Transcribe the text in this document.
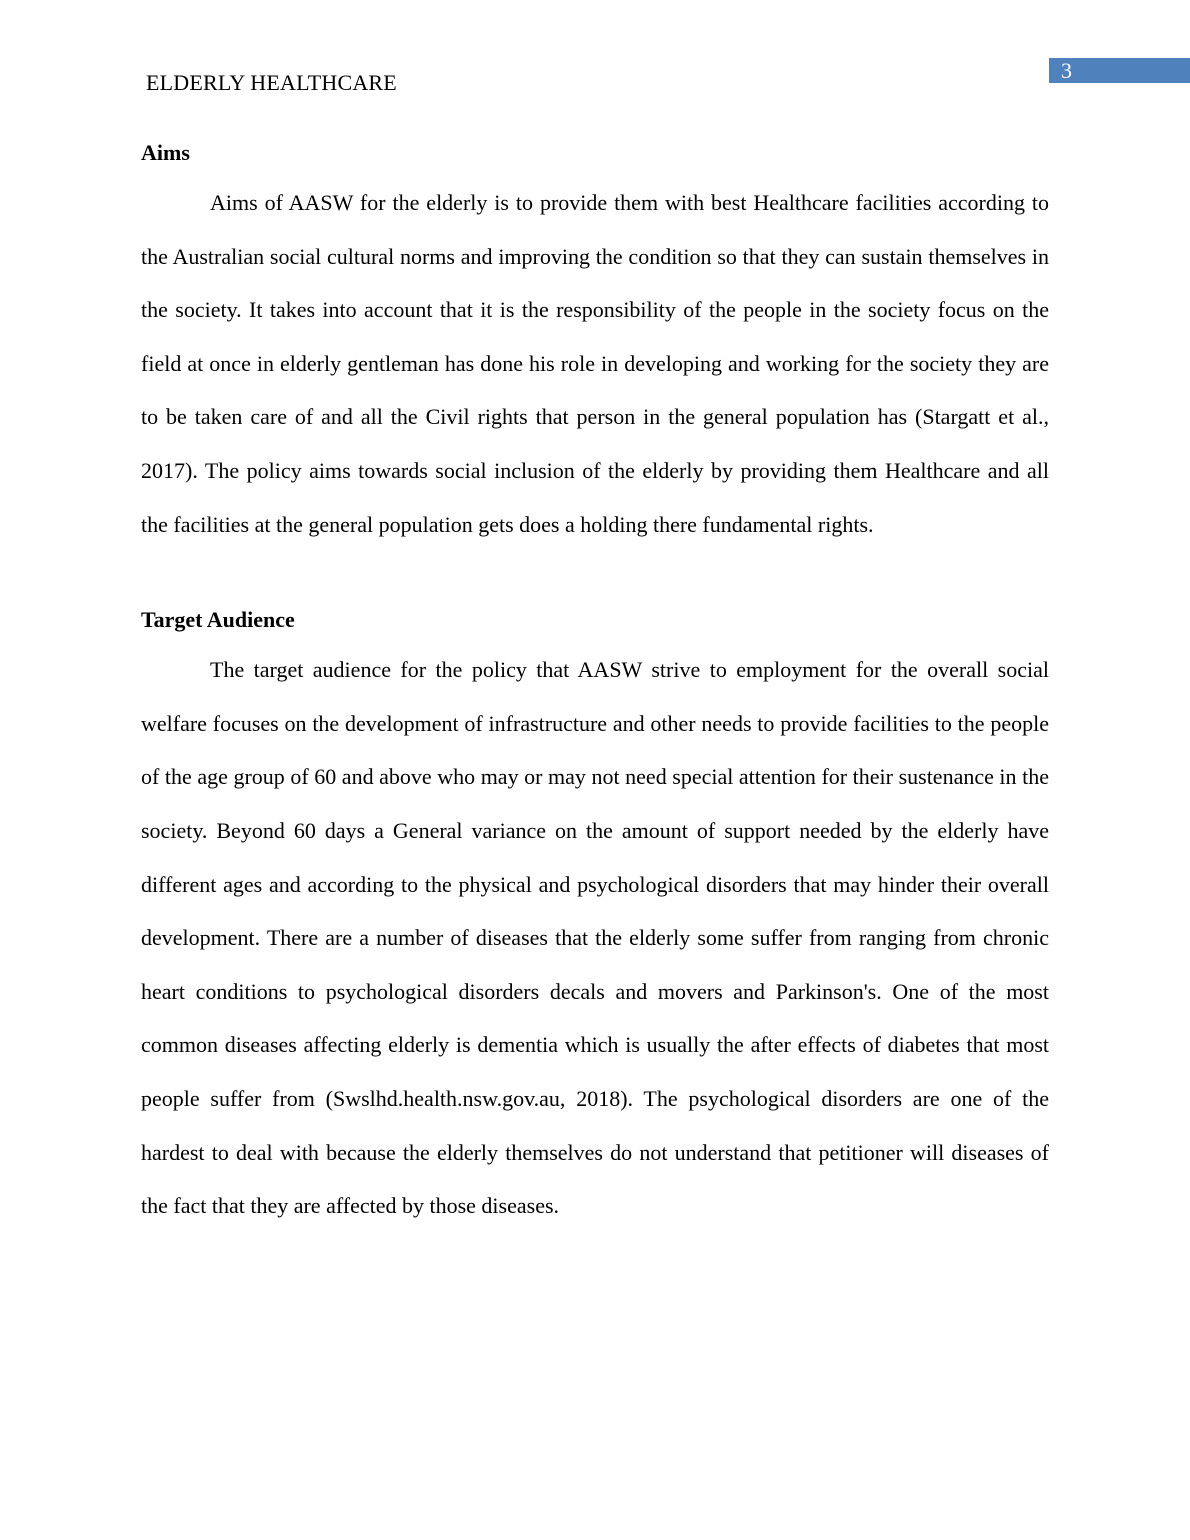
3
ELDERLY HEALTHCARE
Aims

Aims of AASW for the elderly is to provide them with best Healthcare facilities according to the Australian social cultural norms and improving the condition so that they can sustain themselves in the society. It takes into account that it is the responsibility of the people in the society focus on the field at once in elderly gentleman has done his role in developing and working for the society they are to be taken care of and all the Civil rights that person in the general population has (Stargatt et al., 2017). The policy aims towards social inclusion of the elderly by providing them Healthcare and all the facilities at the general population gets does a holding there fundamental rights.

Target Audience

The target audience for the policy that AASW strive to employment for the overall social welfare focuses on the development of infrastructure and other needs to provide facilities to the people of the age group of 60 and above who may or may not need special attention for their sustenance in the society. Beyond 60 days a General variance on the amount of support needed by the elderly have different ages and according to the physical and psychological disorders that may hinder their overall development. There are a number of diseases that the elderly some suffer from ranging from chronic heart conditions to psychological disorders decals and movers and Parkinson's. One of the most common diseases affecting elderly is dementia which is usually the after effects of diabetes that most people suffer from (Swslhd.health.nsw.gov.au, 2018). The psychological disorders are one of the hardest to deal with because the elderly themselves do not understand that petitioner will diseases of the fact that they are affected by those diseases.
